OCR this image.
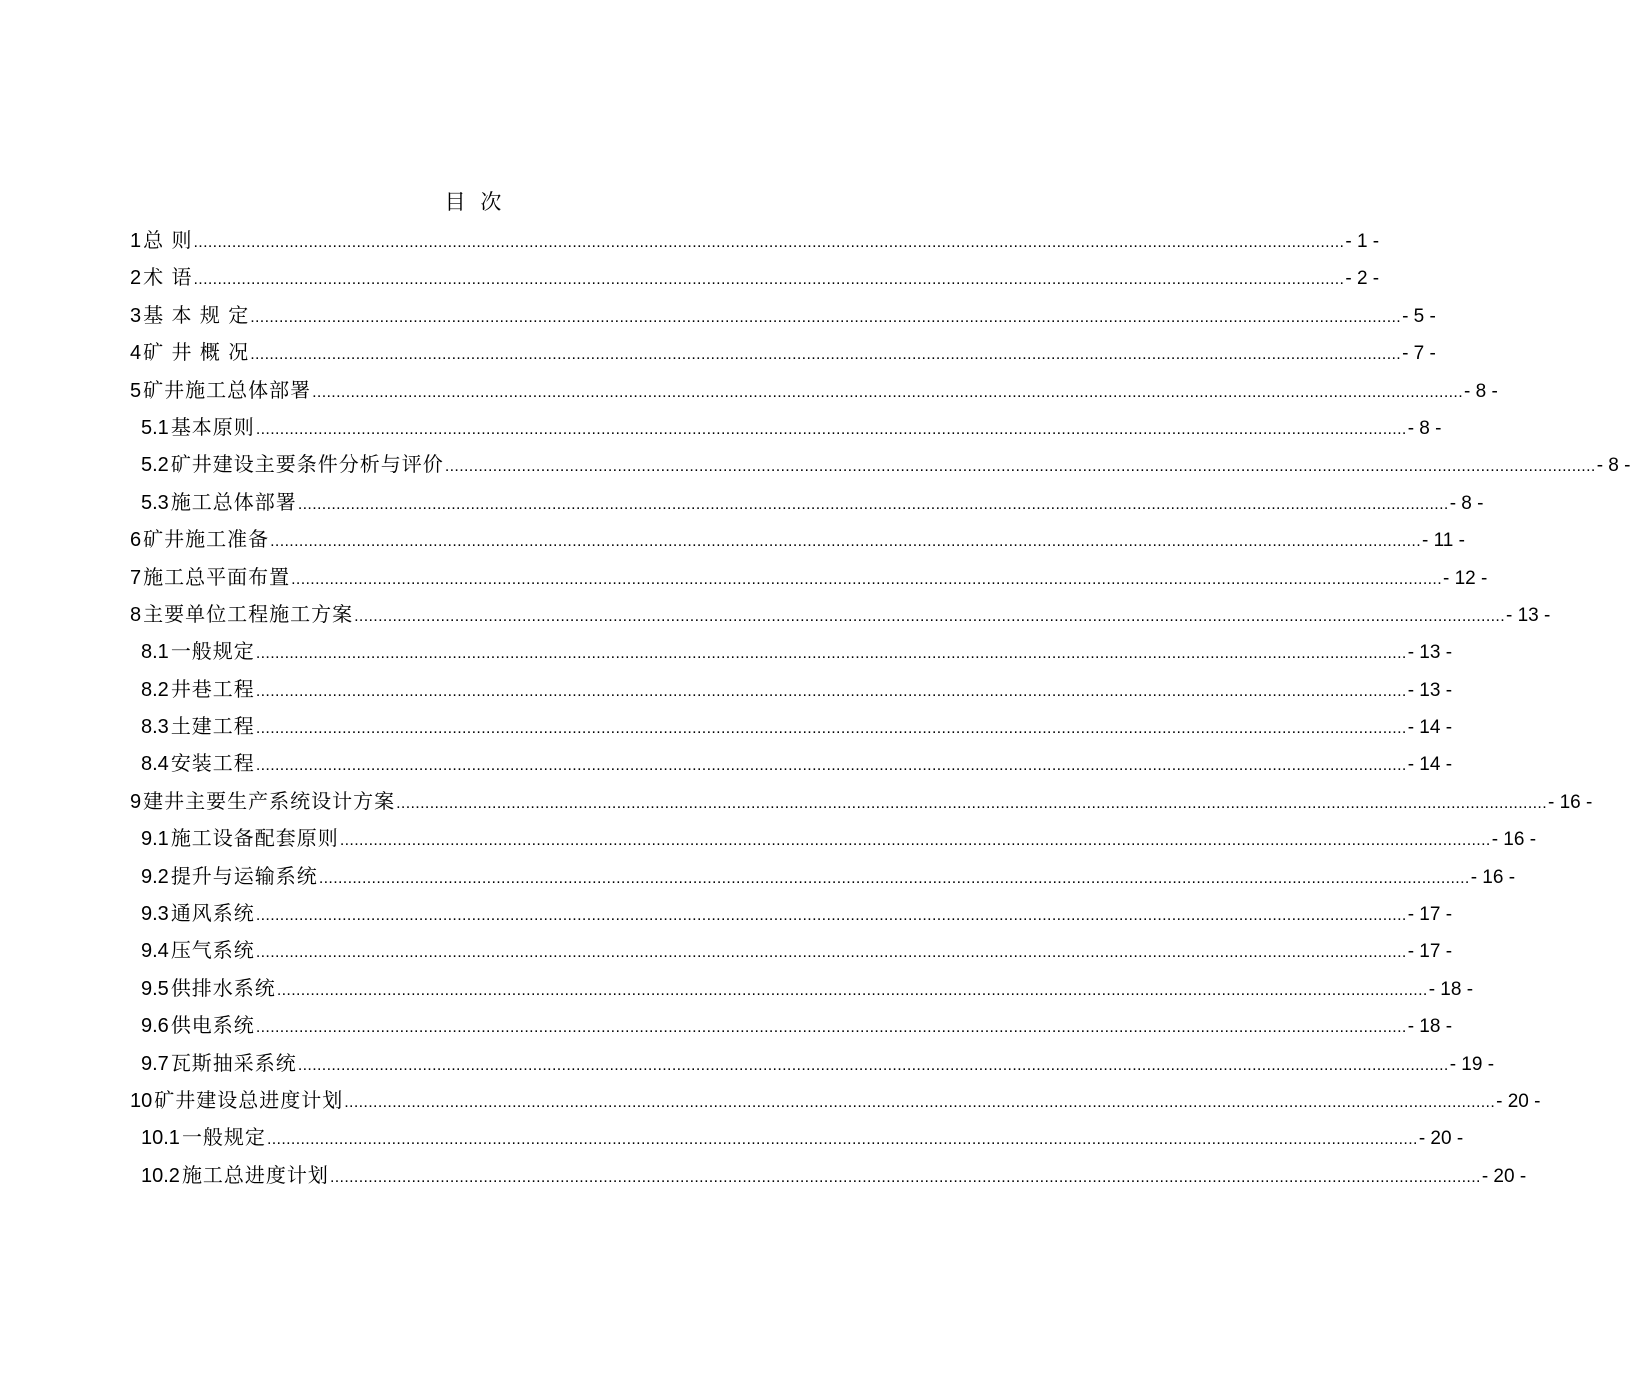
目 次
1 总 则 ................................................................................................................................................................................................................................................ - 1 -
2 术 语 ................................................................................................................................................................................................................................................ - 2 -
3 基 本 规 定 ................................................................................................................................................................................................................................................ - 5 -
4 矿 井 概 况 ................................................................................................................................................................................................................................................ - 7 -
5 矿井施工总体部署 ................................................................................................................................................................................................................................................ - 8 -
5.1 基本原则 ................................................................................................................................................................................................................................................ - 8 -
5.2 矿井建设主要条件分析与评价 ................................................................................................................................................................................................................................................ - 8 -
5.3 施工总体部署 ................................................................................................................................................................................................................................................ - 8 -
6 矿井施工准备 ................................................................................................................................................................................................................................................ - 11 -
7 施工总平面布置 ................................................................................................................................................................................................................................................ - 12 -
8 主要单位工程施工方案 ................................................................................................................................................................................................................................................ - 13 -
8.1 一般规定 ................................................................................................................................................................................................................................................ - 13 -
8.2 井巷工程 ................................................................................................................................................................................................................................................ - 13 -
8.3 土建工程 ................................................................................................................................................................................................................................................ - 14 -
8.4 安装工程 ................................................................................................................................................................................................................................................ - 14 -
9 建井主要生产系统设计方案 ................................................................................................................................................................................................................................................ - 16 -
9.1 施工设备配套原则 ................................................................................................................................................................................................................................................ - 16 -
9.2 提升与运输系统 ................................................................................................................................................................................................................................................ - 16 -
9.3 通风系统 ................................................................................................................................................................................................................................................ - 17 -
9.4 压气系统 ................................................................................................................................................................................................................................................ - 17 -
9.5 供排水系统 ................................................................................................................................................................................................................................................ - 18 -
9.6 供电系统 ................................................................................................................................................................................................................................................ - 18 -
9.7 瓦斯抽采系统 ................................................................................................................................................................................................................................................ - 19 -
10 矿井建设总进度计划 ................................................................................................................................................................................................................................................ - 20 -
10.1 一般规定 ................................................................................................................................................................................................................................................ - 20 -
10.2 施工总进度计划 ................................................................................................................................................................................................................................................ - 20 -
